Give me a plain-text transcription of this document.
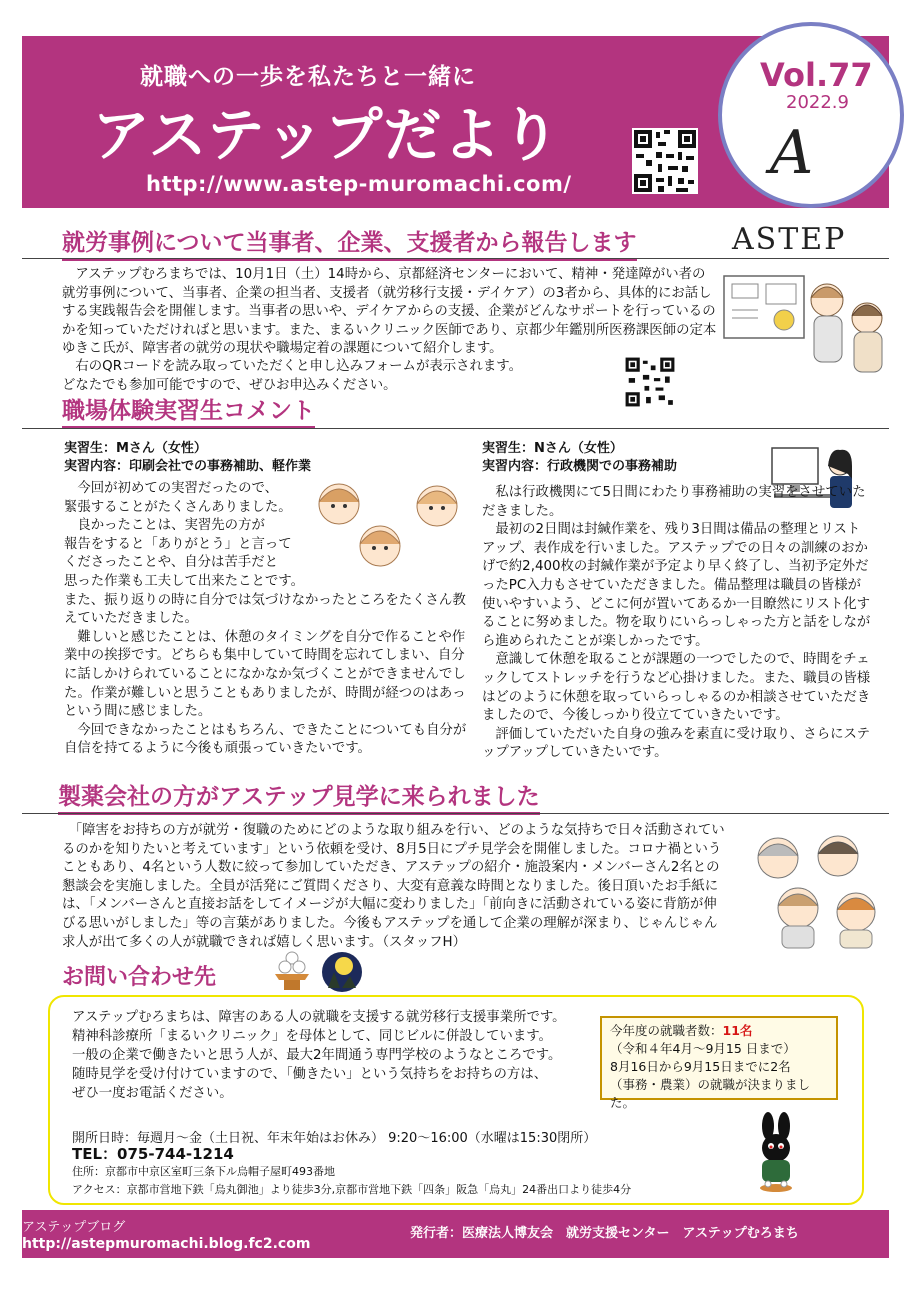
就職への一歩を私たちと一緒に
アステップだより
http://www.astep-muromachi.com/
Vol.77
2022.9
A
就労事例について当事者、企業、支援者から報告します	ASTEP
　アステップむろまちでは、10月1日（土）14時から、京都経済センターにおいて、精神・発達障がい者の就労事例について、当事者、企業の担当者、支援者（就労移行支援・デイケア）の3者から、具体的にお話しする実践報告会を開催します。当事者の思いや、デイケアからの支援、企業がどんなサポートを行っているのかを知っていただければと思います。また、まるいクリニック医師であり、京都少年鑑別所医務課医師の定本ゆきこ氏が、障害者の就労の現状や職場定着の課題について紹介します。
　右のQRコードを読み取っていただくと申し込みフォームが表示されます。
どなたでも参加可能ですので、ぜひお申込みください。
職場体験実習生コメント
実習生：Mさん（女性）
実習内容：印刷会社での事務補助、軽作業
　今回が初めての実習だったので、
緊張することがたくさんありました。
　良かったことは、実習先の方が
報告をすると「ありがとう」と言って
くださったことや、自分は苦手だと
思った作業も工夫して出来たことです。
また、振り返りの時に自分では気づけなかったところをたくさん教えていただきました。
　難しいと感じたことは、休憩のタイミングを自分で作ることや作業中の挨拶です。どちらも集中していて時間を忘れてしまい、自分に話しかけられていることになかなか気づくことができませんでした。作業が難しいと思うこともありましたが、時間が経つのはあっという間に感じました。
　今回できなかったことはもちろん、できたことについても自分が自信を持てるように今後も頑張っていきたいです。
実習生：Nさん（女性）
実習内容：行政機関での事務補助
　私は行政機関にて5日間にわたり事務補助の実習をさせていただきました。
　最初の2日間は封緘作業を、残り3日間は備品の整理とリストアップ、表作成を行いました。アステップでの日々の訓練のおかげで約2,400枚の封緘作業が予定より早く終了し、当初予定外だったPC入力もさせていただきました。備品整理は職員の皆様が使いやすいよう、どこに何が置いてあるか一目瞭然にリスト化することに努めました。物を取りにいらっしゃった方と話をしながら進められたことが楽しかったです。
　意識して休憩を取ることが課題の一つでしたので、時間をチェックしてストレッチを行うなど心掛けました。また、職員の皆様はどのように休憩を取っていらっしゃるのか相談させていただきましたので、今後しっかり役立てていきたいです。
　評価していただいた自身の強みを素直に受け取り、さらにステップアップしていきたいです。
製薬会社の方がアステップ見学に来られました
　「障害をお持ちの方が就労・復職のためにどのような取り組みを行い、どのような気持ちで日々活動されているのかを知りたいと考えています」という依頼を受け、8月5日にプチ見学会を開催しました。コロナ禍ということもあり、4名という人数に絞って参加していただき、アステップの紹介・施設案内・メンバーさん2名との懇談会を実施しました。全員が活発にご質問くださり、大変有意義な時間となりました。後日頂いたお手紙には、「メンバーさんと直接お話をしてイメージが大幅に変わりました」「前向きに活動されている姿に背筋が伸びる思いがしました」等の言葉がありました。今後もアステップを通して企業の理解が深まり、じゃんじゃん求人が出て多くの人が就職できれば嬉しく思います。（スタッフH）
お問い合わせ先
アステップむろまちは、障害のある人の就職を支援する就労移行支援事業所です。
精神科診療所「まるいクリニック」を母体として、同じビルに併設しています。
一般の企業で働きたいと思う人が、最大2年間通う専門学校のようなところです。
随時見学を受け付けていますので、「働きたい」という気持ちをお持ちの方は、
ぜひ一度お電話ください。
今年度の就職者数：11名
（令和４年4月～9月15 日まで）
8月16日から9月15日までに2名
（事務・農業）の就職が決まりました。
開所日時：毎週月～金（土日祝、年末年始はお休み） 9:20～16:00（水曜は15:30閉所）
TEL：075-744-1214
住所：京都市中京区室町三条下ル烏帽子屋町493番地
アクセス：京都市営地下鉄「烏丸御池」より徒歩3分,京都市営地下鉄「四条」阪急「烏丸」24番出口より徒歩4分
アステップブログ
http://astepmuromachi.blog.fc2.com
発行者：医療法人博友会　就労支援センター　アステップむろまち
